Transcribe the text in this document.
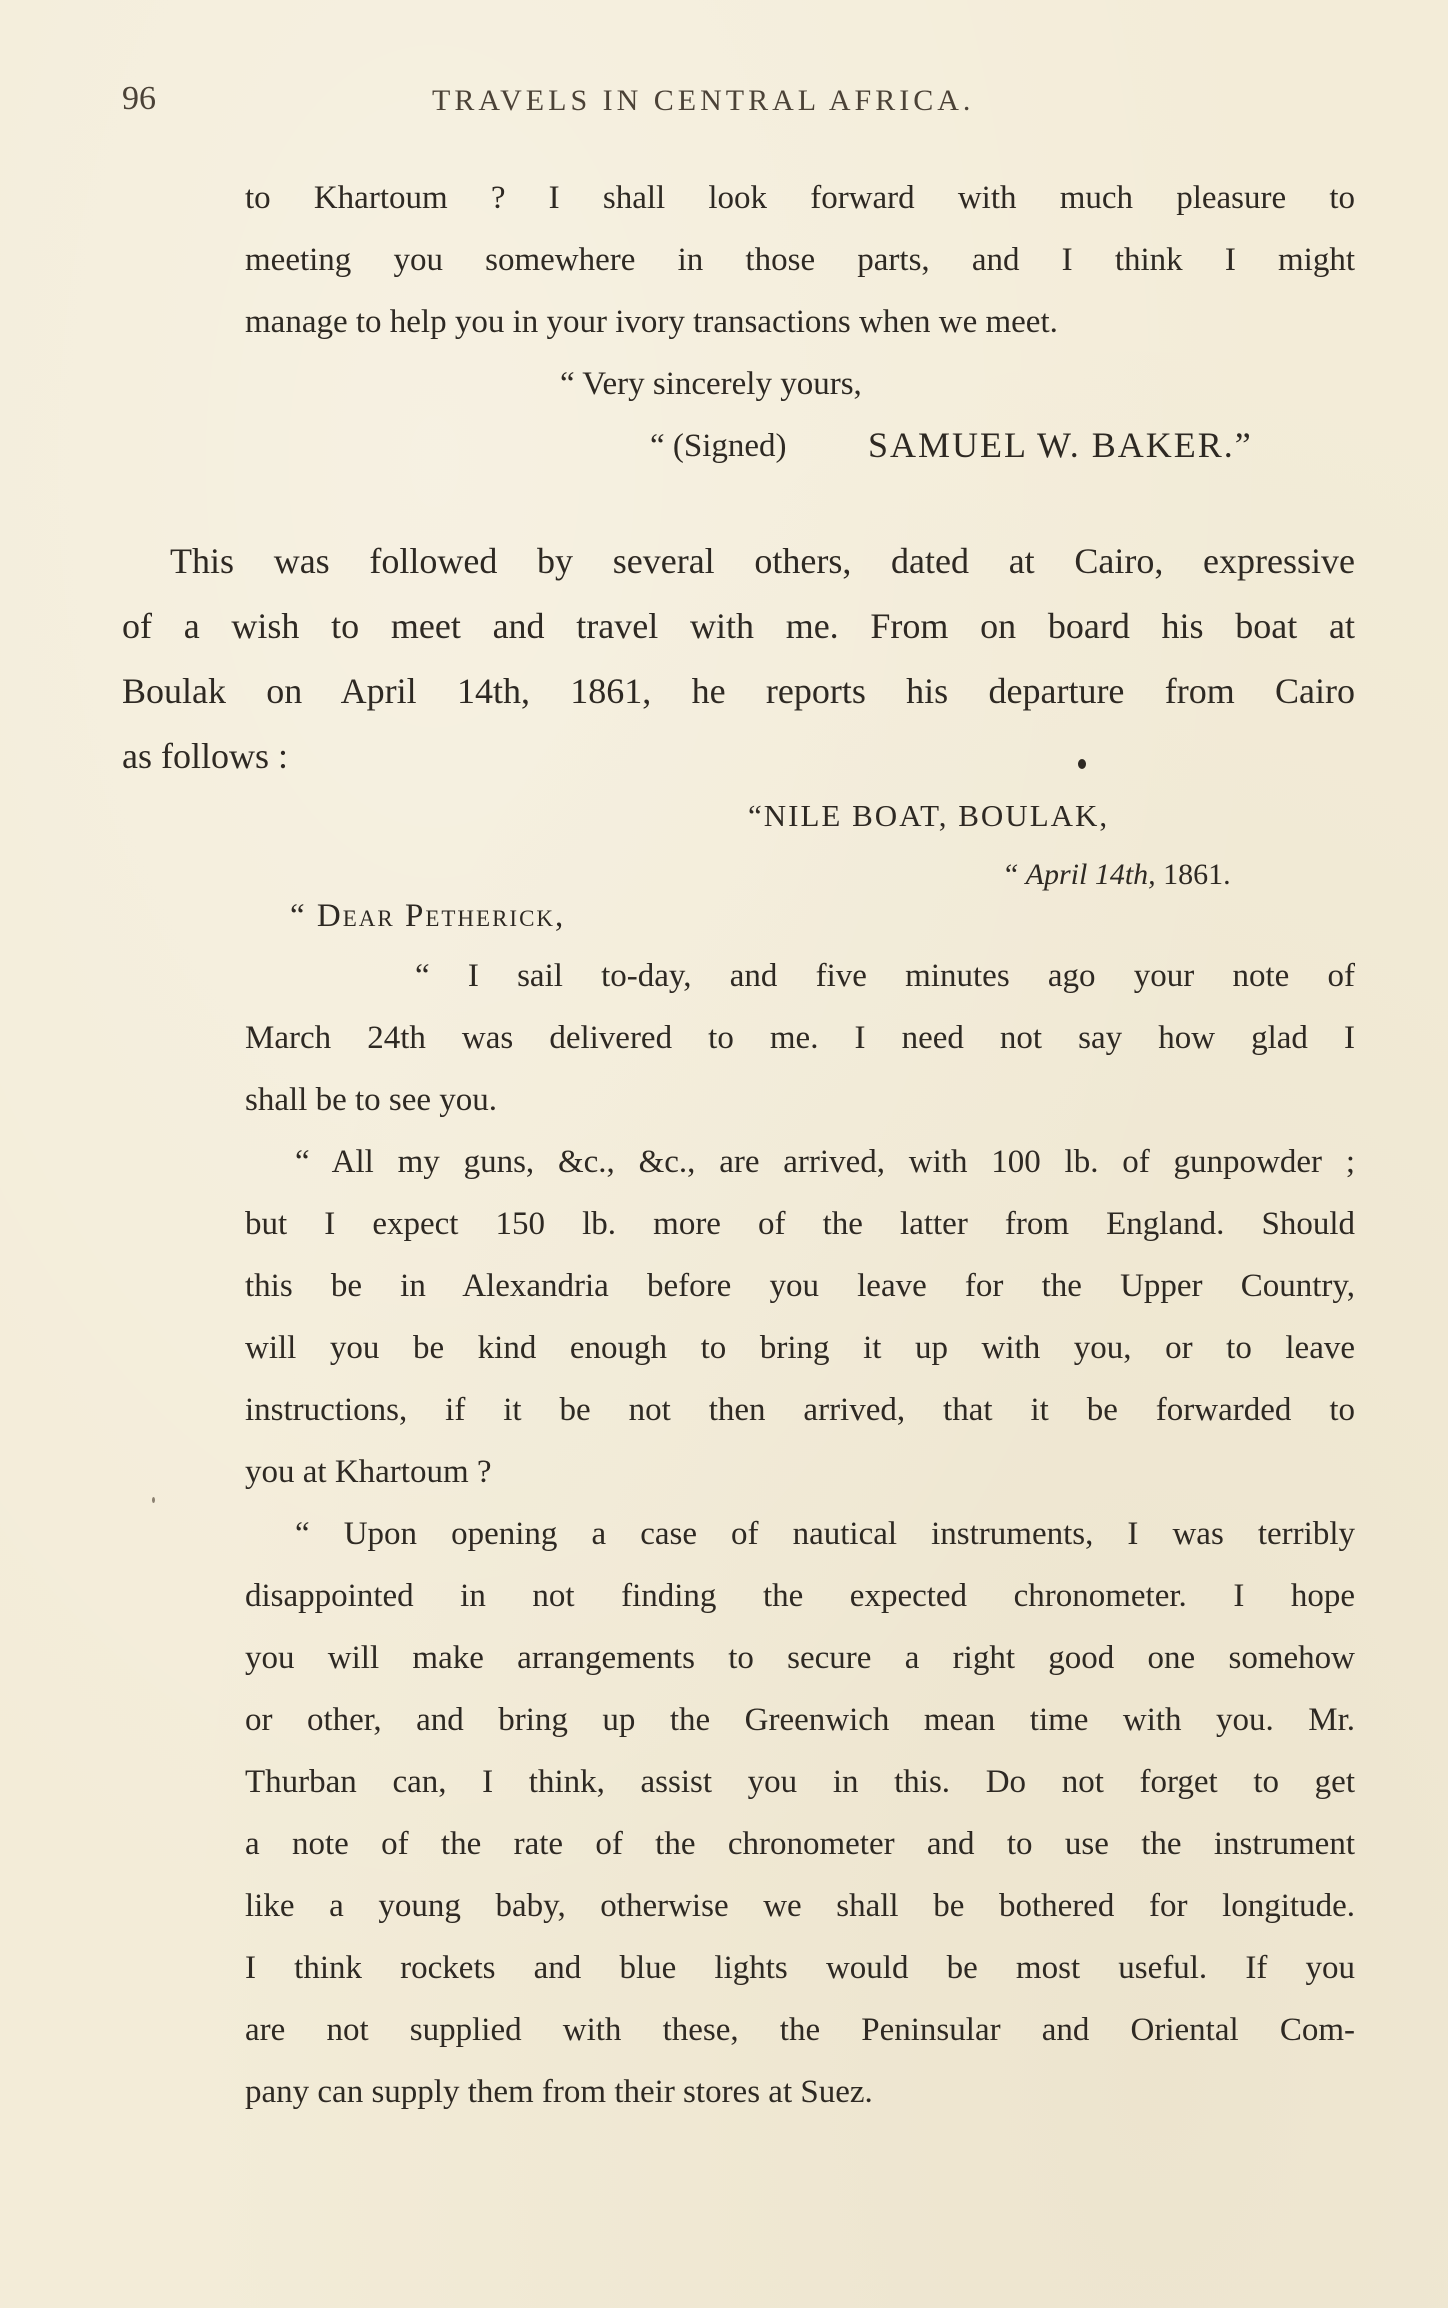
96	TRAVELS IN CENTRAL AFRICA.
to Khartoum ? I shall look forward with much pleasure to
meeting you somewhere in those parts, and I think I might
manage to help you in your ivory transactions when we meet.
“ Very sincerely yours,
“ (Signed) SAMUEL W. BAKER.”
This was followed by several others, dated at Cairo, expressive
of a wish to meet and travel with me. From on board his boat at
Boulak on April 14th, 1861, he reports his departure from Cairo
as follows :
“NILE BOAT, BOULAK,
“ April 14th, 1861.
“ Dear Petherick,
“ I sail to-day, and five minutes ago your note of
March 24th was delivered to me. I need not say how glad I
shall be to see you.
“ All my guns, &c., &c., are arrived, with 100 lb. of gunpowder ;
but I expect 150 lb. more of the latter from England. Should
this be in Alexandria before you leave for the Upper Country,
will you be kind enough to bring it up with you, or to leave
instructions, if it be not then arrived, that it be forwarded to
you at Khartoum ?
“ Upon opening a case of nautical instruments, I was terribly
disappointed in not finding the expected chronometer. I hope
you will make arrangements to secure a right good one somehow
or other, and bring up the Greenwich mean time with you. Mr.
Thurban can, I think, assist you in this. Do not forget to get
a note of the rate of the chronometer and to use the instrument
like a young baby, otherwise we shall be bothered for longitude.
I think rockets and blue lights would be most useful. If you
are not supplied with these, the Peninsular and Oriental Com-
pany can supply them from their stores at Suez.
